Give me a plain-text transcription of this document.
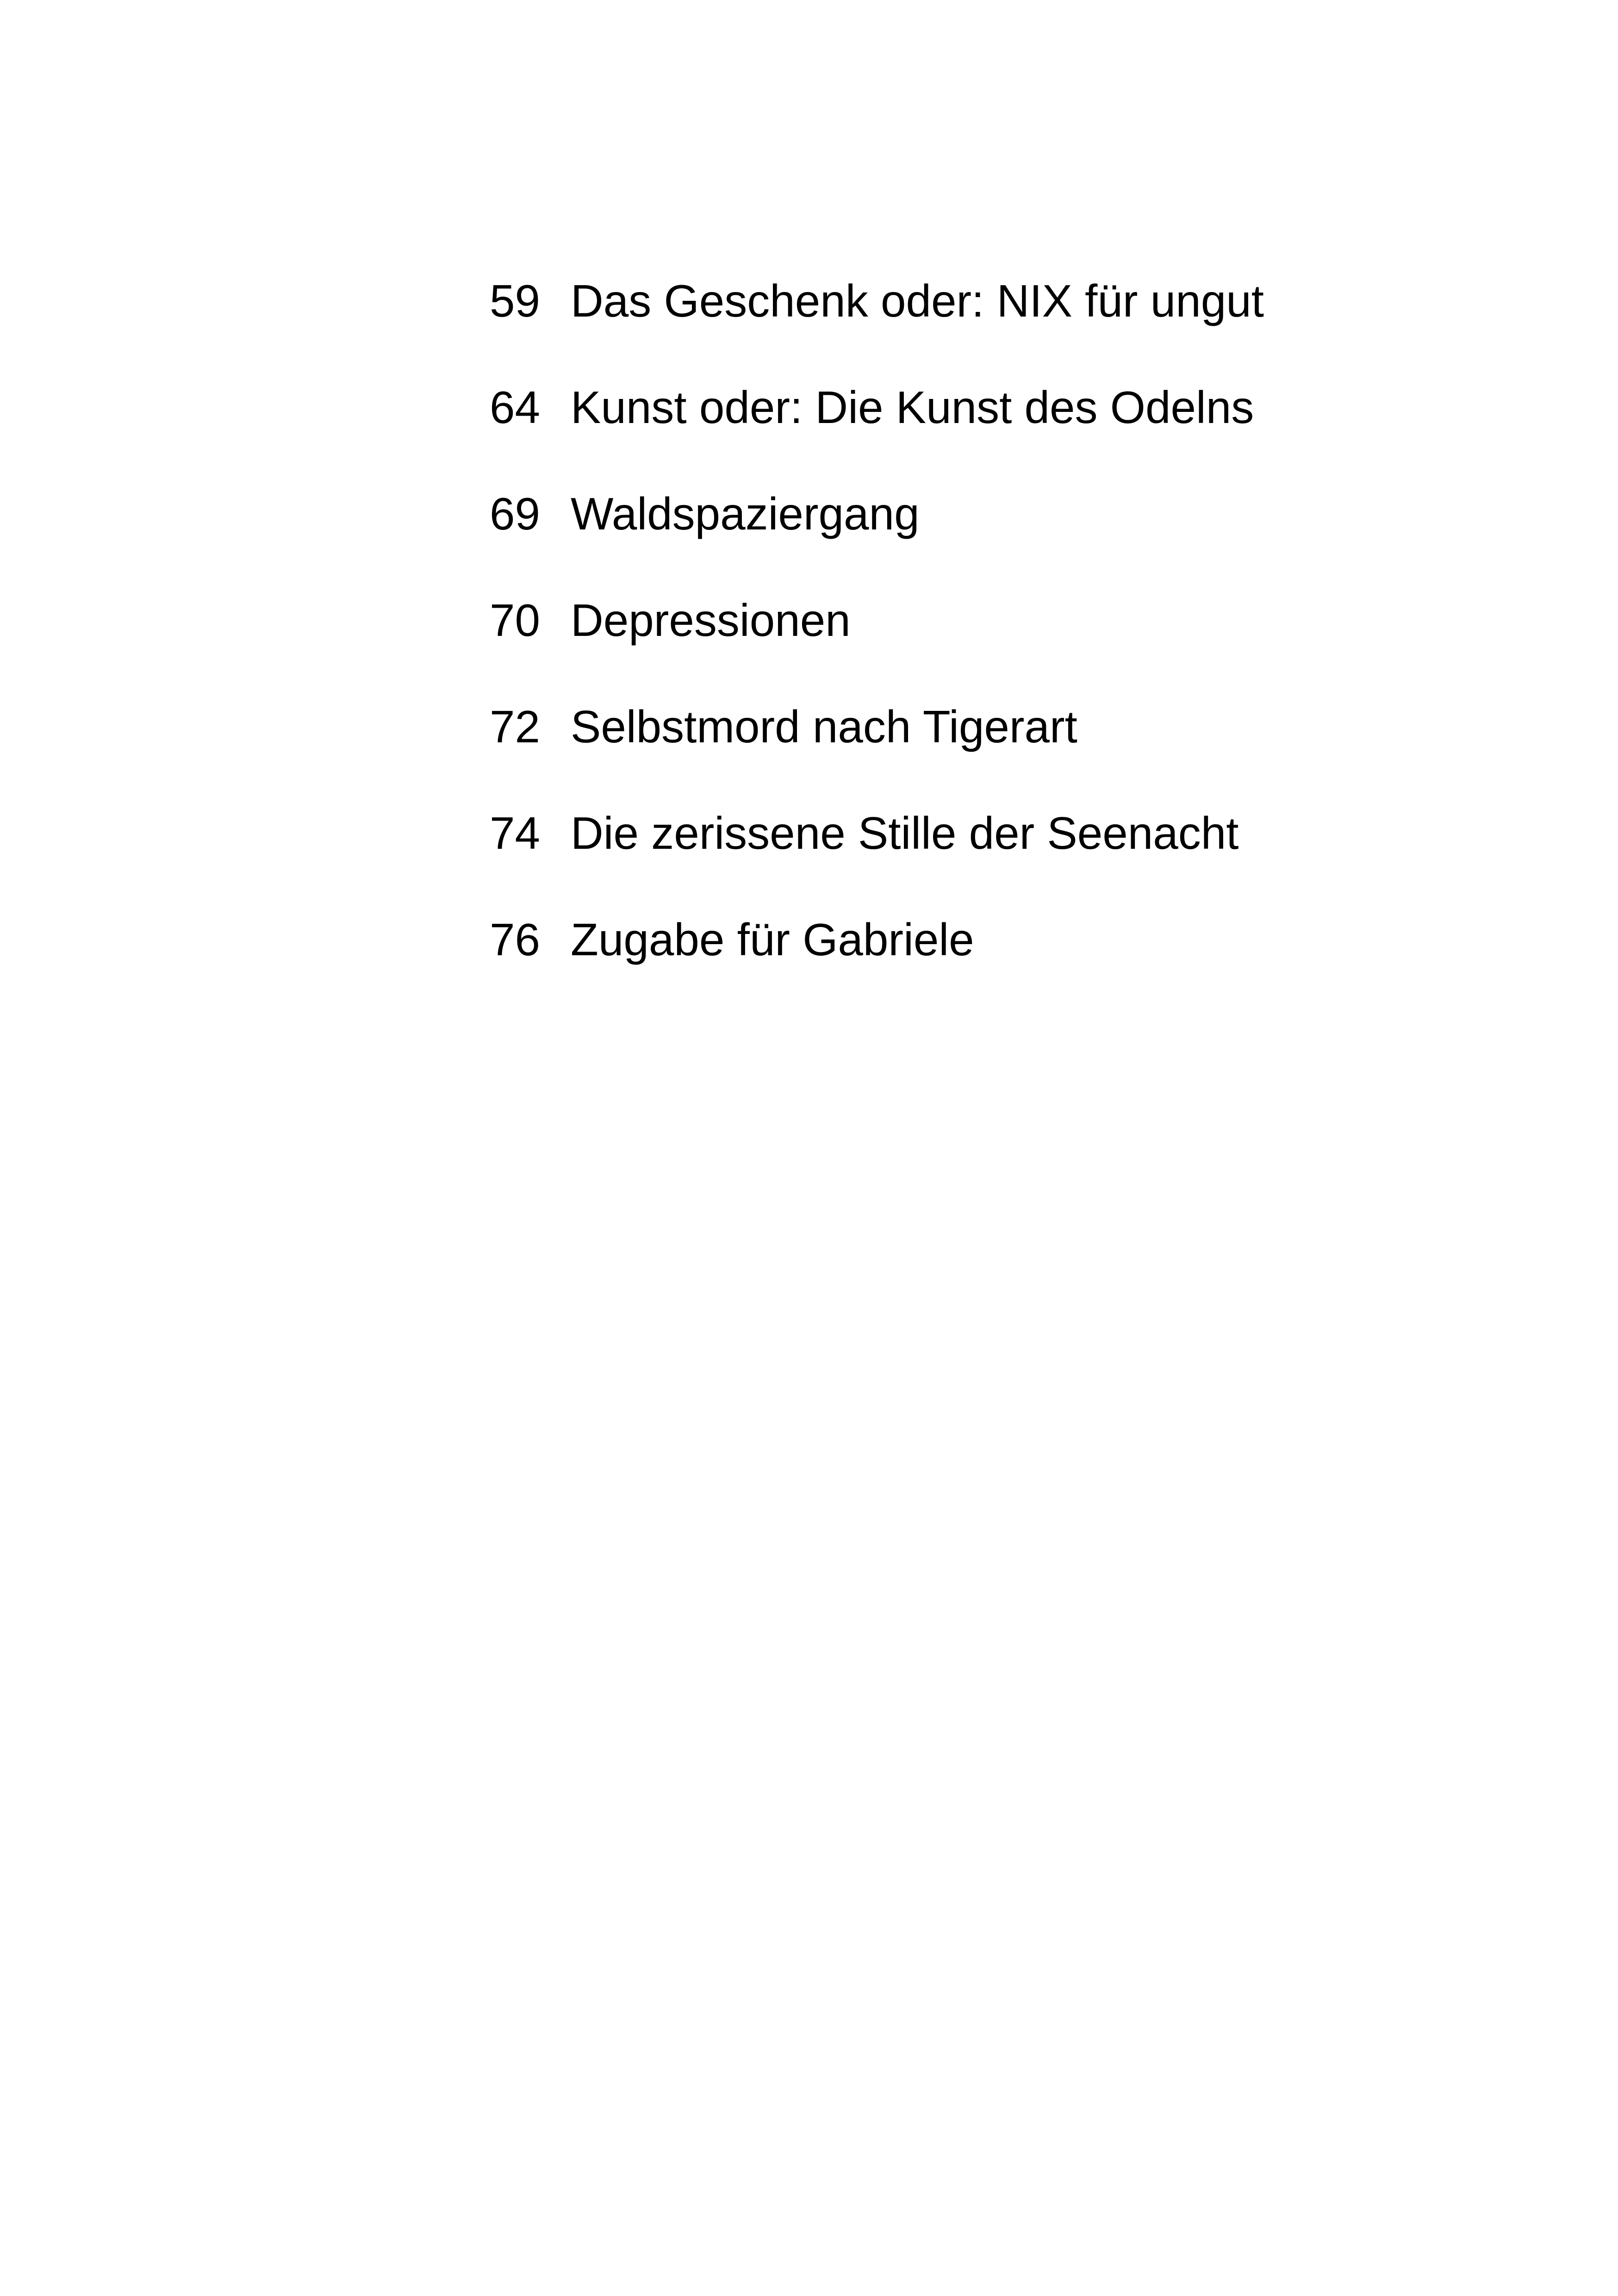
59 Das Geschenk oder: NIX für ungut
64 Kunst oder: Die Kunst des Odelns
69 Waldspaziergang
70 Depressionen
72 Selbstmord nach Tigerart
74 Die zerissene Stille der Seenacht
76 Zugabe für Gabriele
